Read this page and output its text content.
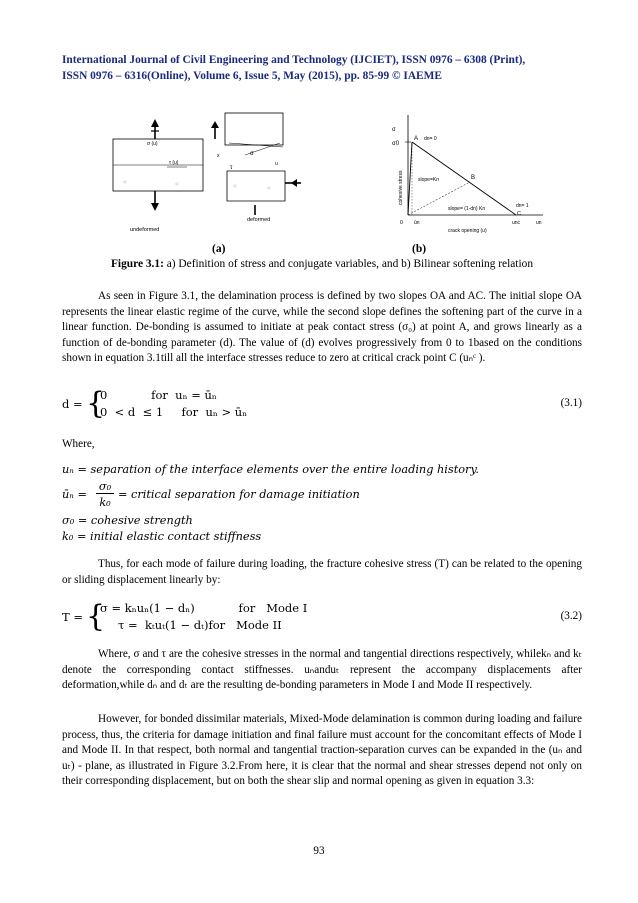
International Journal of Civil Engineering and Technology (IJCIET), ISSN 0976 – 6308 (Print),
ISSN 0976 – 6316(Online), Volume 6, Issue 5, May (2015), pp. 85-99 © IAEME
σ (u)
τ (u)
◁	◁
undeformed
x	σ
τ
u
◁	◁
deformed
σ
σ0
A dn= 0
B
slope=Kn
slope= (1-dn) Kn	dn= 1
C
unc	un
ūn
0
crack opening (u)
cohesive stress
(a)	(b)
Figure 3.1: a) Definition of stress and conjugate variables, and b) Bilinear softening relation

As seen in Figure 3.1, the delamination process is defined by two slopes OA and AC. The initial slope OA represents the linear elastic regime of the curve, while the second slope defines the softening part of the curve in a linear function. De-bonding is assumed to initiate at peak contact stress (σ₀) at point A, and grows linearly as a function of de-bonding parameter (d). The value of (d) evolves progressively from 0 to 1based on the conditions shown in equation 3.1till all the interface stresses reduce to zero at critical crack point C (uₙᶜ ).

d = {
0            for  uₙ = ūₙ
0  < d  ≤ 1     for  uₙ > ūₙ
(3.1)
Where,
uₙ = separation of the interface elements over the entire loading history.
ūₙ =
σ₀
k₀
= critical separation for damage initiation
σ₀ = cohesive strength
k₀ = initial elastic contact stiffness

Thus, for each mode of failure during loading, the fracture cohesive stress (T) can be related to the opening or sliding displacement linearly by:

T = {
σ = kₙuₙ(1 − dₙ)            for   Mode I
τ =  kₜuₜ(1 − dₜ)for   Mode II
(3.2)

Where, σ and τ are the cohesive stresses in the normal and tangential directions respectively, whilekₙ and kₜ denote the corresponding contact stiffnesses. uₙanduₜ represent the accompany displacements after deformation,while dₙ and dₜ are the resulting de-bonding parameters in Mode I and Mode II respectively.

However, for bonded dissimilar materials, Mixed-Mode delamination is common during loading and failure process, thus, the criteria for damage initiation and final failure must account for the concomitant effects of Mode I and Mode II. In that respect, both normal and tangential traction-separation curves can be expanded in the (uₙ and uₜ) - plane, as illustrated in Figure 3.2.From here, it is clear that the normal and shear stresses depend not only on their corresponding displacement, but on both the shear slip and normal opening as given in equation 3.3:

93
